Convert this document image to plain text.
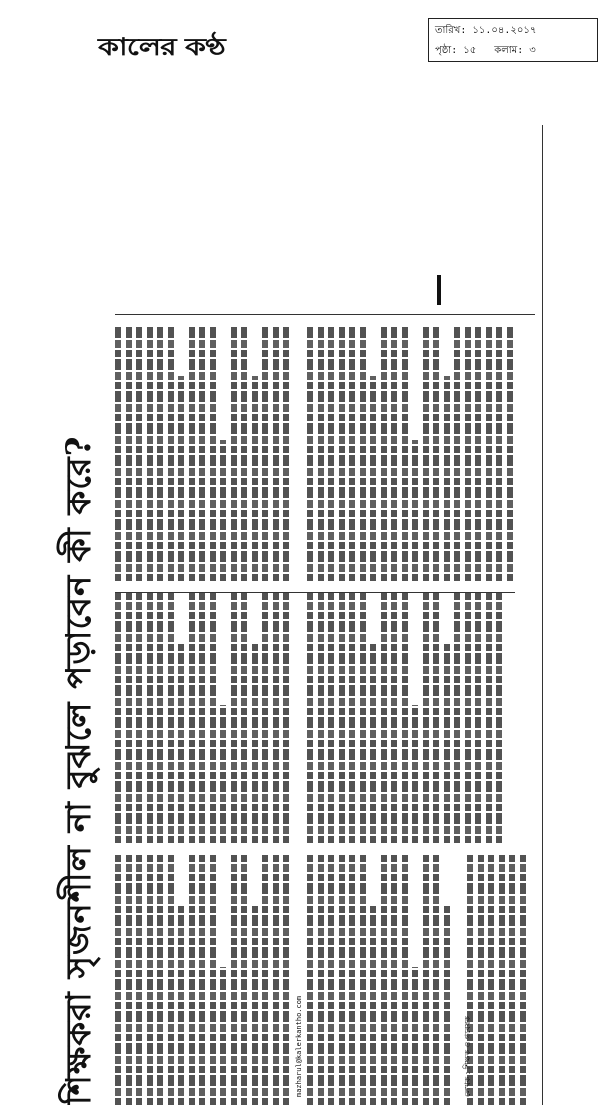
কালের কণ্ঠ
তারিখ: ১১.০৪.২০১৭
পৃষ্ঠা: ১৫ কলাম: ৩
শিক্ষকরা সৃজনশীল না বুঝলে পড়াবেন কী করে?	mazharul@kalerkantho.com	লেখক : শিক্ষক ও গবেষক
